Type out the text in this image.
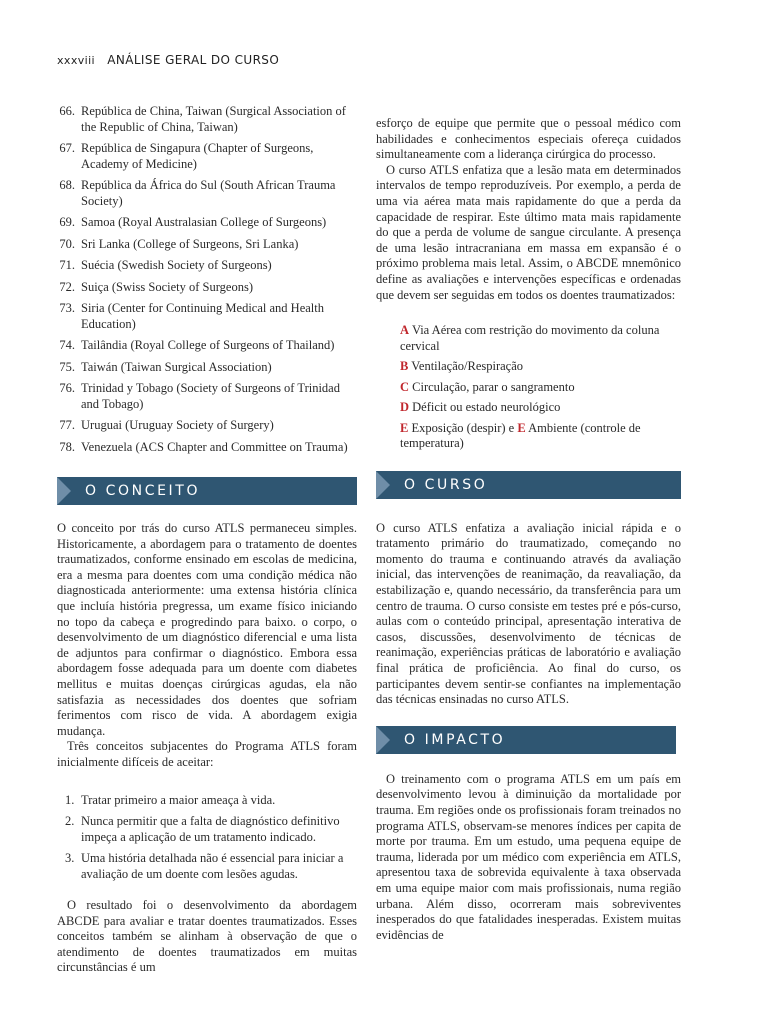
xxxviii ANÁLISE GERAL DO CURSO
66. República de China, Taiwan (Surgical Association of the Republic of China, Taiwan)
67. República de Singapura (Chapter of Surgeons, Academy of Medicine)
68. República da África do Sul (South African Trauma Society)
69. Samoa (Royal Australasian College of Surgeons)
70. Sri Lanka (College of Surgeons, Sri Lanka)
71. Suécia (Swedish Society of Surgeons)
72. Suiça (Swiss Society of Surgeons)
73. Siria (Center for Continuing Medical and Health Education)
74. Tailândia (Royal College of Surgeons of Thailand)
75. Taiwán (Taiwan Surgical Association)
76. Trinidad y Tobago (Society of Surgeons of Trinidad and Tobago)
77. Uruguai (Uruguay Society of Surgery)
78. Venezuela (ACS Chapter and Committee on Trauma)
O CONCEITO

O conceito por trás do curso ATLS permaneceu simples. Historicamente, a abordagem para o tratamento de doentes traumatizados, conforme ensinado em escolas de medicina, era a mesma para doentes com uma condição médica não diagnosticada anteriormente: uma extensa história clínica que incluía história pregressa, um exame físico iniciando no topo da cabeça e progredindo para baixo. o corpo, o desenvolvimento de um diagnóstico diferencial e uma lista de adjuntos para confirmar o diagnóstico. Embora essa abordagem fosse adequada para um doente com diabetes mellitus e muitas doenças cirúrgicas agudas, ela não satisfazia as necessidades dos doentes que sofriam ferimentos com risco de vida. A abordagem exigia mudança.

Três conceitos subjacentes do Programa ATLS foram inicialmente difíceis de aceitar:

1. Tratar primeiro a maior ameaça à vida.
2. Nunca permitir que a falta de diagnóstico definitivo impeça a aplicação de um tratamento indicado.
3. Uma história detalhada não é essencial para iniciar a avaliação de um doente com lesões agudas.

O resultado foi o desenvolvimento da abordagem ABCDE para avaliar e tratar doentes traumatizados. Esses conceitos também se alinham à observação de que o atendimento de doentes traumatizados em muitas circunstâncias é um

esforço de equipe que permite que o pessoal médico com habilidades e conhecimentos especiais ofereça cuidados simultaneamente com a liderança cirúrgica do processo.

O curso ATLS enfatiza que a lesão mata em determinados intervalos de tempo reproduzíveis. Por exemplo, a perda de uma via aérea mata mais rapidamente do que a perda da capacidade de respirar. Este último mata mais rapidamente do que a perda de volume de sangue circulante. A presença de uma lesão intracraniana em massa em expansão é o próximo problema mais letal. Assim, o ABCDE mnemônico define as avaliações e intervenções específicas e ordenadas que devem ser seguidas em todos os doentes traumatizados:

A Via Aérea com restrição do movimento da coluna cervical
B Ventilação/Respiração
C Circulação, parar o sangramento
D Déficit ou estado neurológico
E Exposição (despir) e E Ambiente (controle de temperatura)
O CURSO

O curso ATLS enfatiza a avaliação inicial rápida e o tratamento primário do traumatizado, começando no momento do trauma e continuando através da avaliação inicial, das intervenções de reanimação, da reavaliação, da estabilização e, quando necessário, da transferência para um centro de trauma. O curso consiste em testes pré e pós-curso, aulas com o conteúdo principal, apresentação interativa de casos, discussões, desenvolvimento de técnicas de reanimação, experiências práticas de laboratório e avaliação final prática de proficiência. Ao final do curso, os participantes devem sentir-se confiantes na implementação das técnicas ensinadas no curso ATLS.

O IMPACTO

O treinamento com o programa ATLS em um país em desenvolvimento levou à diminuição da mortalidade por trauma. Em regiões onde os profissionais foram treinados no programa ATLS, observam-se menores índices per capita de morte por trauma. Em um estudo, uma pequena equipe de trauma, liderada por um médico com experiência em ATLS, apresentou taxa de sobrevida equivalente à taxa observada em uma equipe maior com mais profissionais, numa região urbana. Além disso, ocorreram mais sobreviventes inesperados do que fatalidades inesperadas. Existem muitas evidências de
